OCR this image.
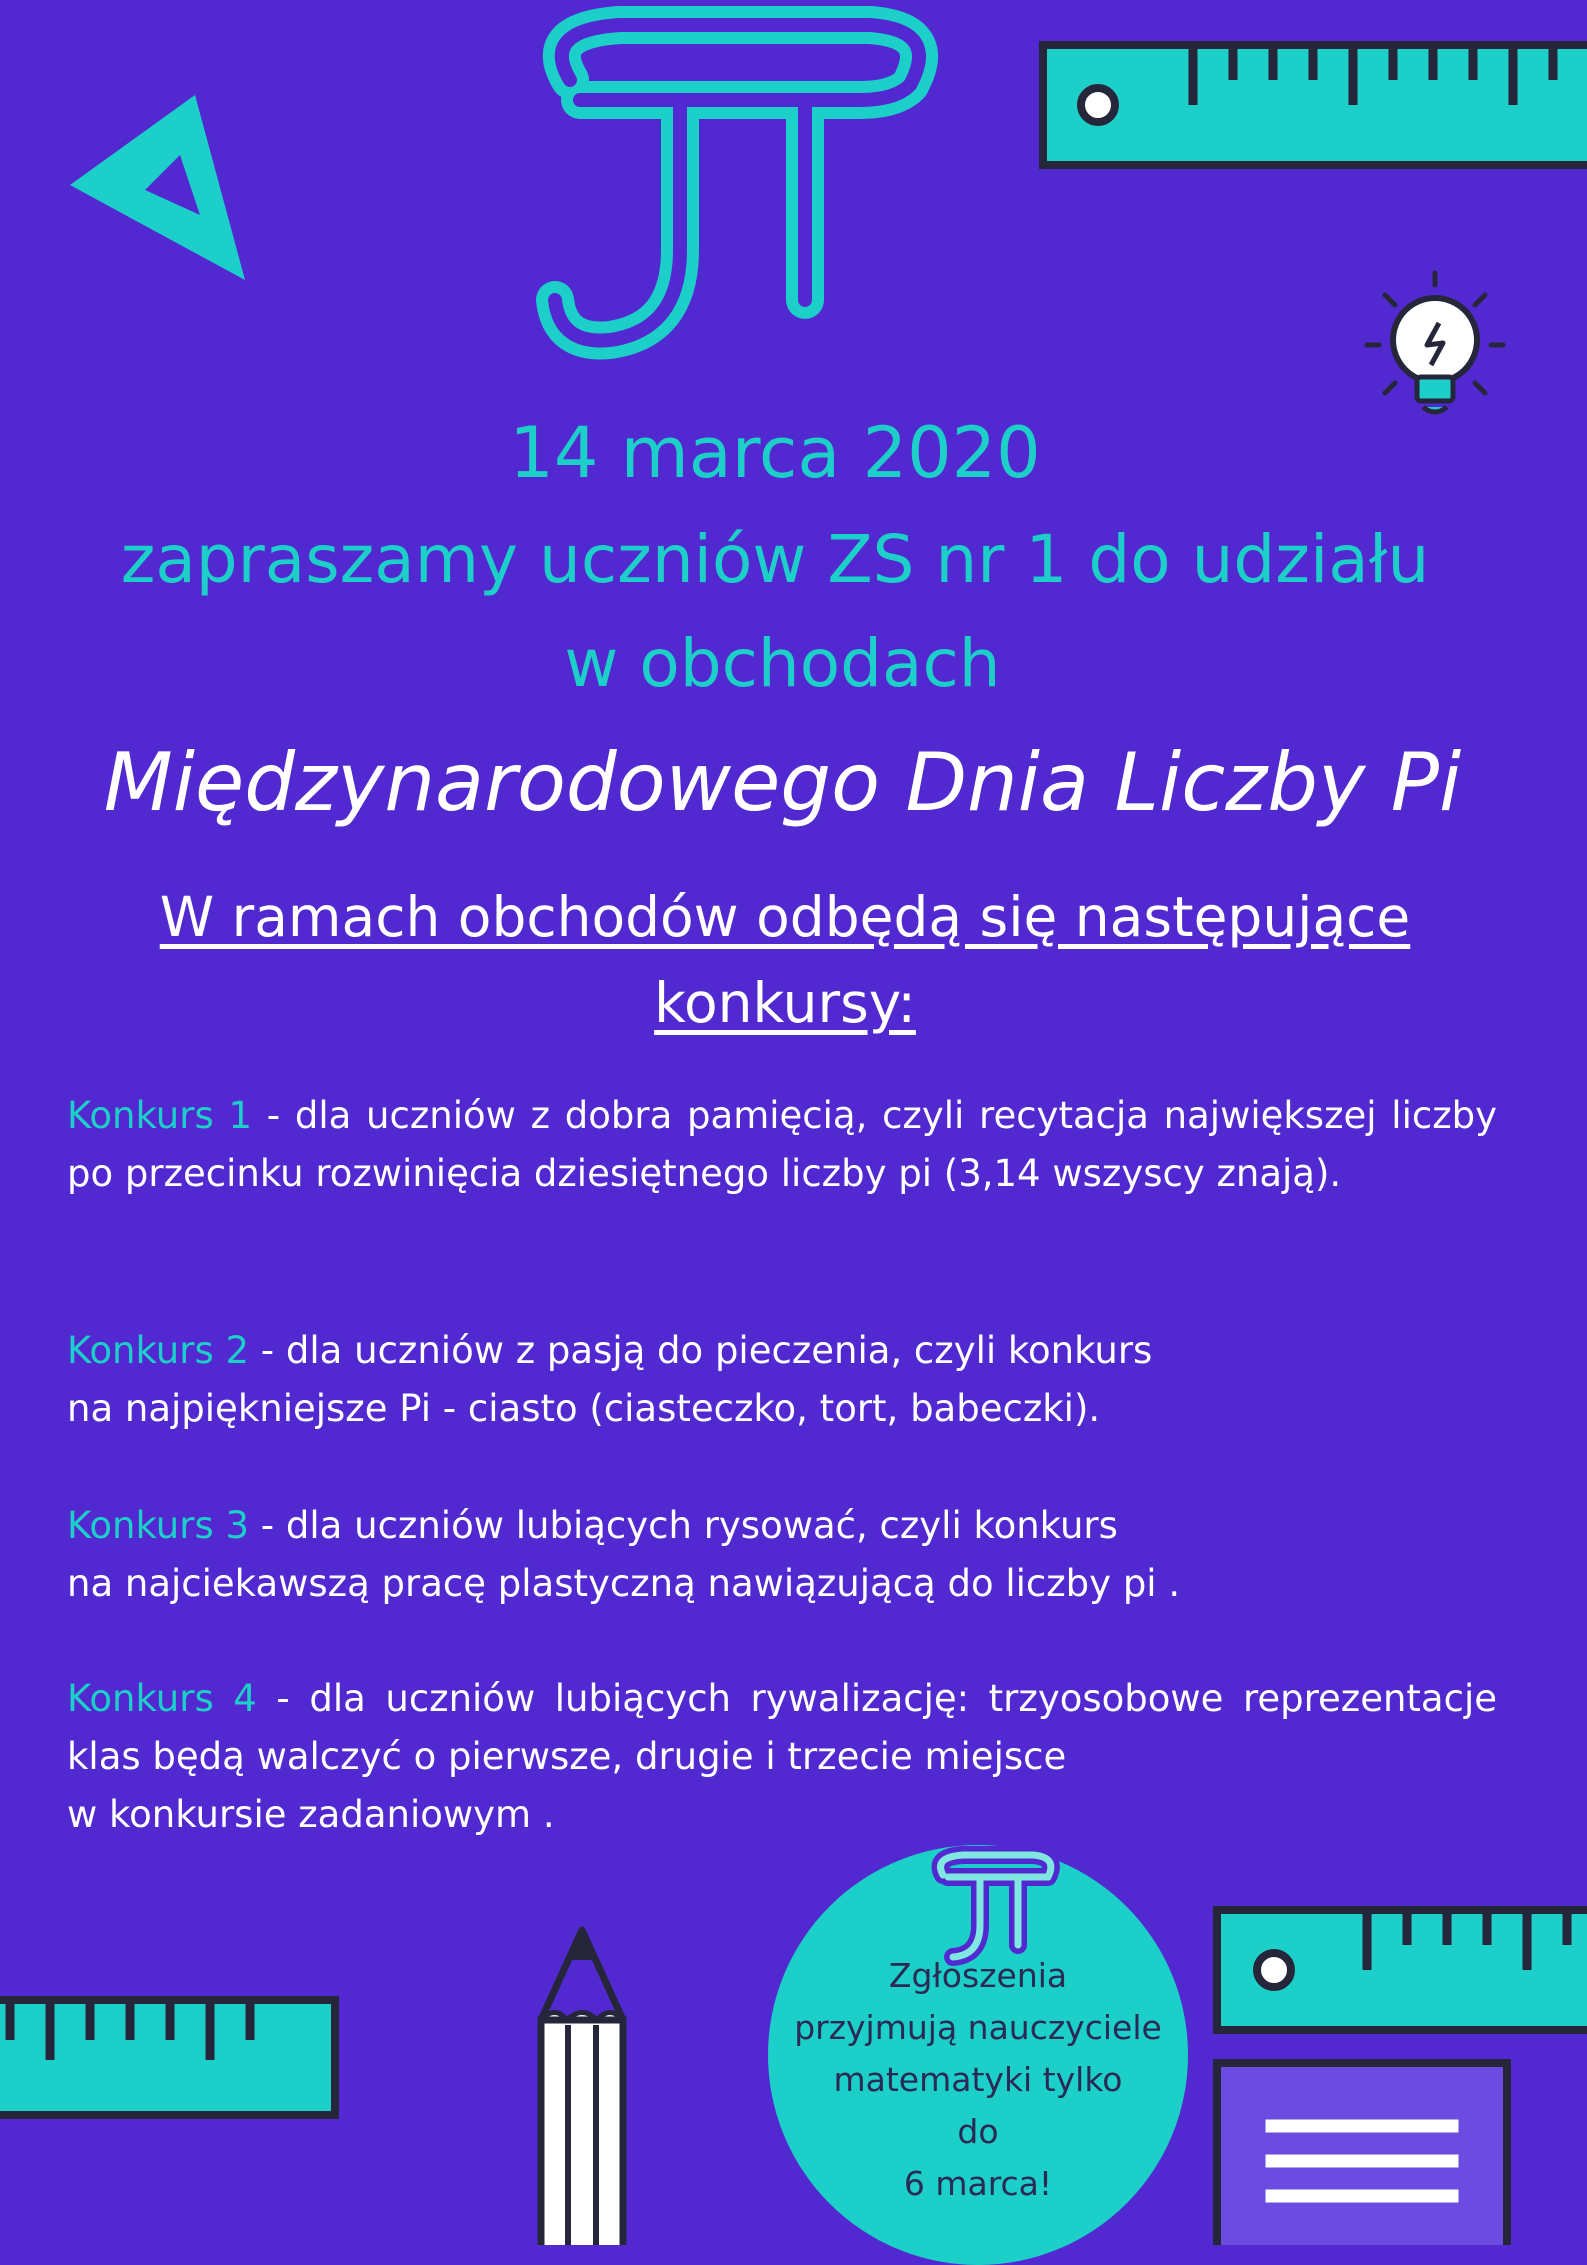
14 marca 2020
zapraszamy uczniów ZS nr 1 do udziału
w obchodach
Międzynarodowego Dnia Liczby Pi
W ramach obchodów odbędą się następujące konkursy:
Konkurs 1 - dla uczniów z dobra pamięcią, czyli recytacja największej liczby po przecinku rozwinięcia dziesiętnego liczby pi (3,14 wszyscy znają).
Konkurs 2 - dla uczniów z pasją do pieczenia, czyli konkurs
na najpiękniejsze Pi - ciasto (ciasteczko, tort, babeczki).
Konkurs 3 - dla uczniów lubiących rysować, czyli konkurs
na najciekawszą pracę plastyczną nawiązującą do liczby pi .
Konkurs 4 - dla uczniów lubiących rywalizację: trzyosobowe reprezentacje klas będą walczyć o pierwsze, drugie i trzecie miejsce
w konkursie zadaniowym .
Zgłoszenia
przyjmują nauczyciele
matematyki tylko
do
6 marca!
